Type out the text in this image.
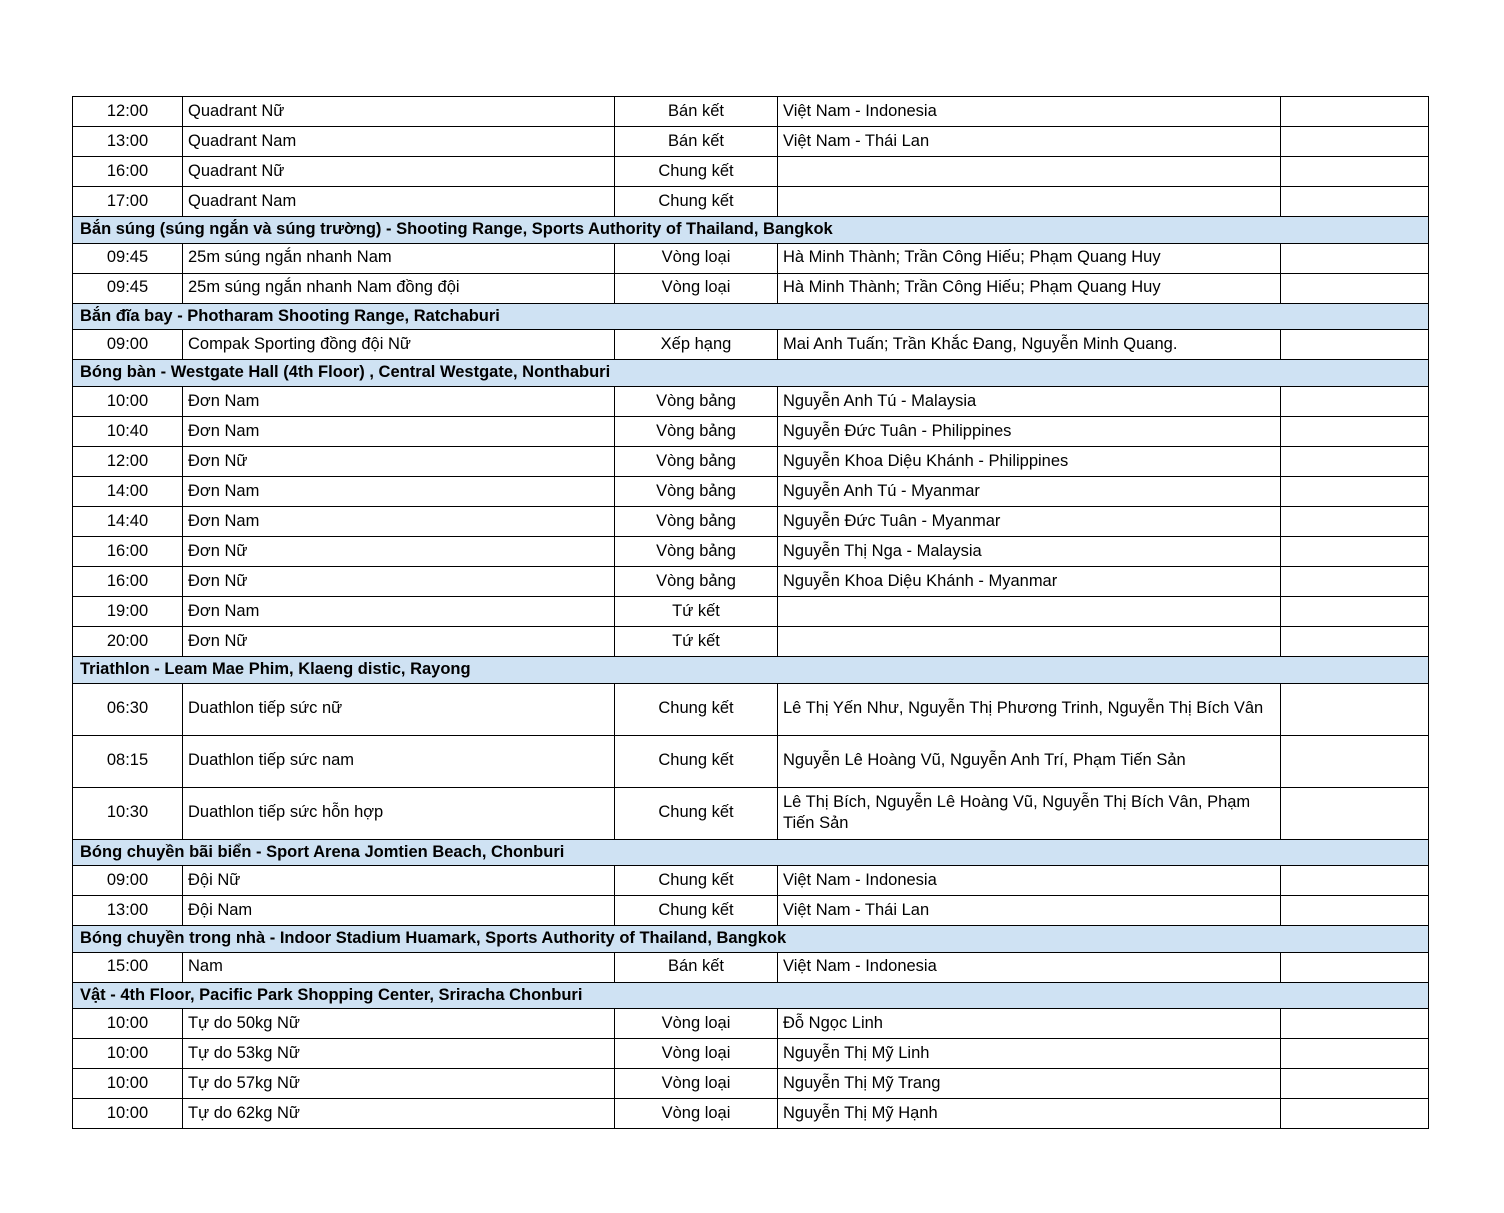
12:00	Quadrant Nữ	Bán kết	Việt Nam - Indonesia	
13:00	Quadrant Nam	Bán kết	Việt Nam - Thái Lan	
16:00	Quadrant Nữ	Chung kết		
17:00	Quadrant Nam	Chung kết		
Bắn súng (súng ngắn và súng trường) - Shooting Range, Sports Authority of Thailand, Bangkok				
09:45	25m súng ngắn nhanh Nam	Vòng loại	Hà Minh Thành; Trần Công Hiếu; Phạm Quang Huy	
09:45	25m súng ngắn nhanh Nam đồng đội	Vòng loại	Hà Minh Thành; Trần Công Hiếu; Phạm Quang Huy	
Bắn đĩa bay - Photharam Shooting Range, Ratchaburi				
09:00	Compak Sporting đồng đội Nữ	Xếp hạng	Mai Anh Tuấn; Trần Khắc Đang, Nguyễn Minh Quang.	
Bóng bàn - Westgate Hall (4th Floor) , Central Westgate, Nonthaburi				
10:00	Đơn Nam	Vòng bảng	Nguyễn Anh Tú - Malaysia	
10:40	Đơn Nam	Vòng bảng	Nguyễn Đức Tuân - Philippines	
12:00	Đơn Nữ	Vòng bảng	Nguyễn Khoa Diệu Khánh - Philippines	
14:00	Đơn Nam	Vòng bảng	Nguyễn Anh Tú - Myanmar	
14:40	Đơn Nam	Vòng bảng	Nguyễn Đức Tuân - Myanmar	
16:00	Đơn Nữ	Vòng bảng	Nguyễn Thị Nga - Malaysia	
16:00	Đơn Nữ	Vòng bảng	Nguyễn Khoa Diệu Khánh - Myanmar	
19:00	Đơn Nam	Tứ kết		
20:00	Đơn Nữ	Tứ kết		
Triathlon - Leam Mae Phim, Klaeng distic, Rayong				
06:30	Duathlon tiếp sức nữ	Chung kết	Lê Thị Yến Như, Nguyễn Thị Phương Trinh, Nguyễn Thị Bích Vân	
08:15	Duathlon tiếp sức nam	Chung kết	Nguyễn Lê Hoàng Vũ, Nguyễn Anh Trí, Phạm Tiến Sản	
10:30	Duathlon tiếp sức hỗn hợp	Chung kết	Lê Thị Bích, Nguyễn Lê Hoàng Vũ, Nguyễn Thị Bích Vân, Phạm Tiến Sản	
Bóng chuyền bãi biển - Sport Arena Jomtien Beach, Chonburi				
09:00	Đội Nữ	Chung kết	Việt Nam - Indonesia	
13:00	Đội Nam	Chung kết	Việt Nam - Thái Lan	
Bóng chuyền trong nhà - Indoor Stadium Huamark, Sports Authority of Thailand, Bangkok				
15:00	Nam	Bán kết	Việt Nam - Indonesia	
Vật - 4th Floor, Pacific Park Shopping Center, Sriracha Chonburi				
10:00	Tự do 50kg Nữ	Vòng loại	Đỗ Ngọc Linh	
10:00	Tự do 53kg Nữ	Vòng loại	Nguyễn Thị Mỹ Linh	
10:00	Tự do 57kg Nữ	Vòng loại	Nguyễn Thị Mỹ Trang	
10:00	Tự do 62kg Nữ	Vòng loại	Nguyễn Thị Mỹ Hạnh	
